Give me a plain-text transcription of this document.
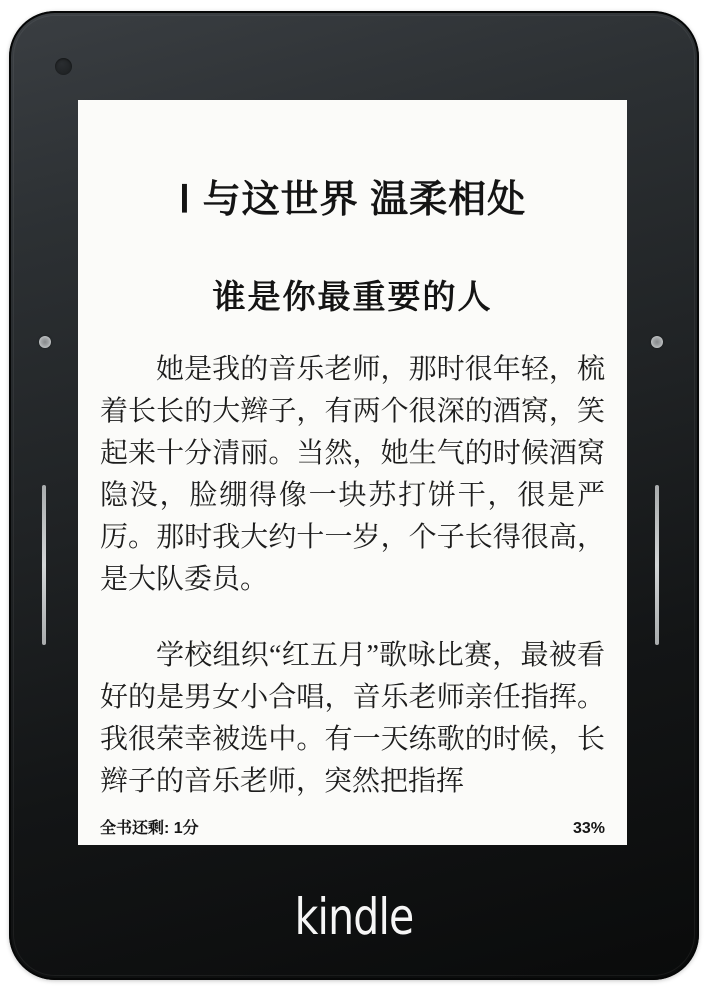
Ⅰ 与这世界 温柔相处
谁是你最重要的人

她是我的音乐老师，那时很年轻，梳着长长的大辫子，有两个很深的酒窝，笑起来十分清丽。当然，她生气的时候酒窝隐没，脸绷得像一块苏打饼干，很是严厉。那时我大约十一岁，个子长得很高，是大队委员。

学校组织“红五月”歌咏比赛，最被看好的是男女小合唱，音乐老师亲任指挥。我很荣幸被选中。有一天练歌的时候，长辫子的音乐老师，突然把指挥

全书还剩: 1分	33%
kindle
